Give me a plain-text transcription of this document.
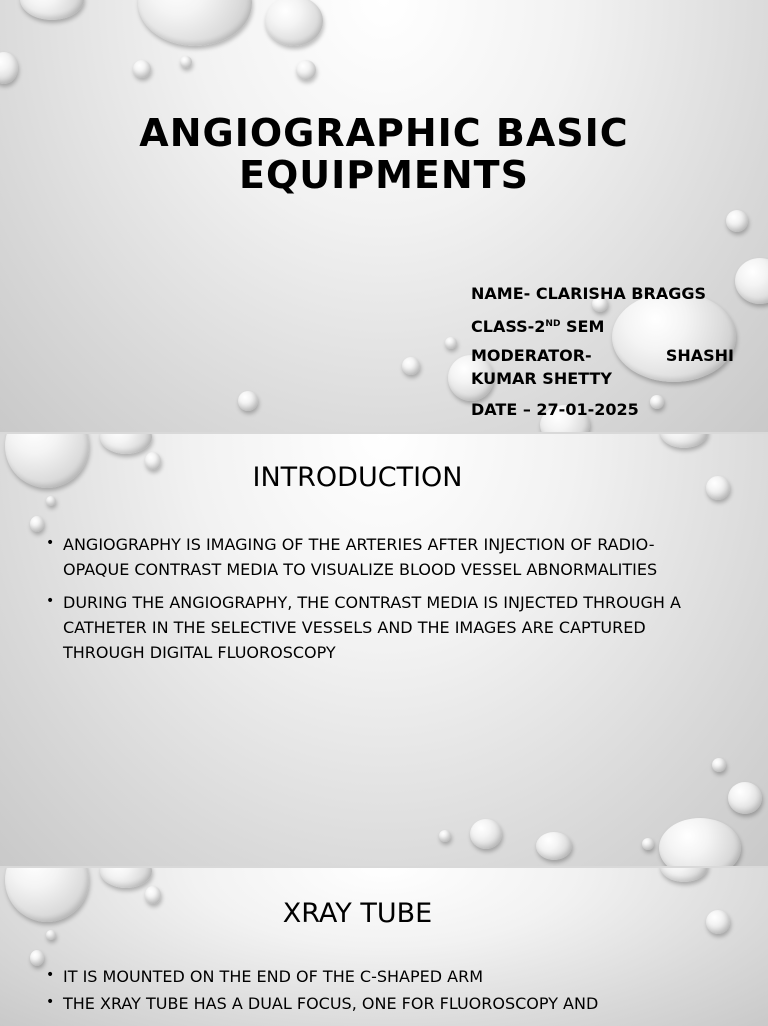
ANGIOGRAPHIC BASIC
EQUIPMENTS
NAME- CLARISHA BRAGGS
CLASS-2ND SEM
MODERATOR-	SHASHI
KUMAR SHETTY
DATE – 27-01-2025
INTRODUCTION
• ANGIOGRAPHY IS IMAGING OF THE ARTERIES AFTER INJECTION OF RADIO-OPAQUE CONTRAST MEDIA TO VISUALIZE BLOOD VESSEL ABNORMALITIES
• DURING THE ANGIOGRAPHY, THE CONTRAST MEDIA IS INJECTED THROUGH A CATHETER IN THE SELECTIVE VESSELS AND THE IMAGES ARE CAPTURED THROUGH DIGITAL FLUOROSCOPY
XRAY TUBE
• IT IS MOUNTED ON THE END OF THE C-SHAPED ARM
• THE XRAY TUBE HAS A DUAL FOCUS, ONE FOR FLUOROSCOPY AND
